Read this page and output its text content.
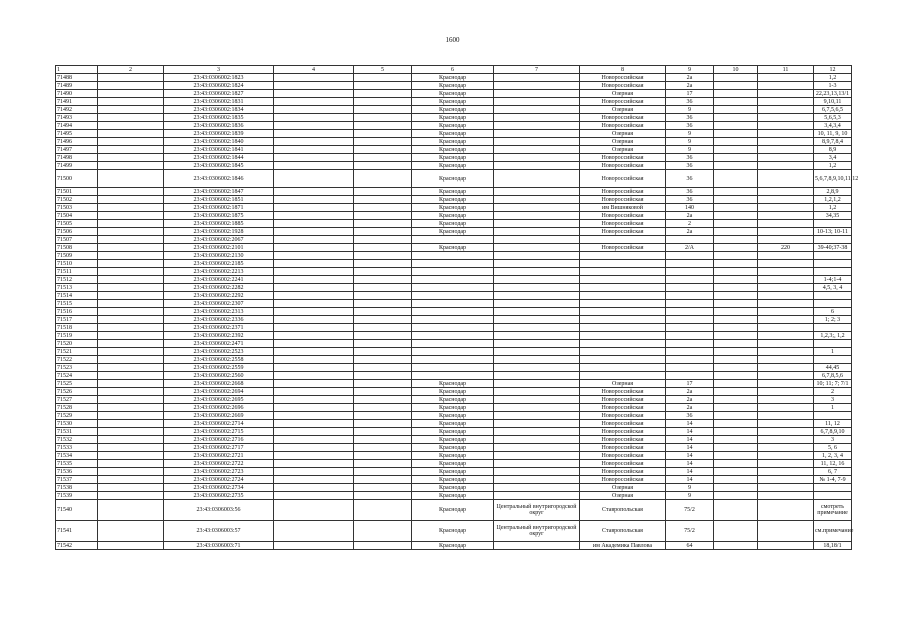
1600
1	2	3	4	5	6	7	8	9	10	11	12
71488		23:43:0306002:1823			Краснодар		Новороссийская	2а			1,2
71489		23:43:0306002:1824			Краснодар		Новороссийская	2а			1-3
71490		23:43:0306002:1827			Краснодар		Озерная	17			22,23,13,13/1
71491		23:43:0306002:1831			Краснодар		Новороссийская	36			9,10,11
71492		23:43:0306002:1834			Краснодар		Озерная	9			6,7,5,6,5
71493		23:43:0306002:1835			Краснодар		Новороссийская	36			5,6,5,3
71494		23:43:0306002:1836			Краснодар		Новороссийская	36			3,4,3,4
71495		23:43:0306002:1839			Краснодар		Озерная	9			10, 11, 9, 10
71496		23:43:0306002:1840			Краснодар		Озерная	9			8,9,7,8,4
71497		23:43:0306002:1841			Краснодар		Озерная	9			8,9
71498		23:43:0306002:1844			Краснодар		Новороссийская	36			3,4
71499		23:43:0306002:1845			Краснодар		Новороссийская	36			1,2
71500		23:43:0306002:1846			Краснодар		Новороссийская	36			5,6,7,8,9,10,11,12
71501		23:43:0306002:1847			Краснодар		Новороссийская	36			2,8,9
71502		23:43:0306002:1851			Краснодар		Новороссийская	36			1,2,1,2
71503		23:43:0306002:1871			Краснодар		им Вишняковой	140			1,2
71504		23:43:0306002:1875			Краснодар		Новороссийская	2а			34,35
71505		23:43:0306002:1885			Краснодар		Новороссийская	2			
71506		23:43:0306002:1928			Краснодар		Новороссийская	2а			10-13; 10-11
71507		23:43:0306002:2067									
71508		23:43:0306002:2101			Краснодар		Новороссийская	2/А		220	39-40;37-38
71509		23:43:0306002:2130									
71510		23:43:0306002:2185									
71511		23:43:0306002:2213									
71512		23:43:0306002:2241									1-4;1-4
71513		23:43:0306002:2282									4,5, 3, 4
71514		23:43:0306002:2292									
71515		23:43:0306002:2307									
71516		23:43:0306002:2313									6
71517		23:43:0306002:2336									1; 2; 3
71518		23:43:0306002:2371									
71519		23:43:0306002:2392									1,2,3;, 1,2
71520		23:43:0306002:2471									
71521		23:43:0306002:2523									1
71522		23:43:0306002:2558									
71523		23:43:0306002:2559									44,45
71524		23:43:0306002:2560									6,7,8,5,6
71525		23:43:0306002:2668			Краснодар		Озерная	17			10; 11; 7; 7/1
71526		23:43:0306002:2694			Краснодар		Новороссийская	2а			2
71527		23:43:0306002:2695			Краснодар		Новороссийская	2а			3
71528		23:43:0306002:2696			Краснодар		Новороссийская	2а			1
71529		23:43:0306002:2669			Краснодар		Новороссийская	36			
71530		23:43:0306002:2714			Краснодар		Новороссийская	14			11, 12
71531		23:43:0306002:2715			Краснодар		Новороссийская	14			6,7,8,9,10
71532		23:43:0306002:2716			Краснодар		Новороссийская	14			3
71533		23:43:0306002:2717			Краснодар		Новороссийская	14			5, 6
71534		23:43:0306002:2721			Краснодар		Новороссийская	14			1, 2, 3, 4
71535		23:43:0306002:2722			Краснодар		Новороссийская	14			11, 12, 16
71536		23:43:0306002:2723			Краснодар		Новороссийская	14			6, 7
71537		23:43:0306002:2724			Краснодар		Новороссийская	14			№ 1-4, 7-9
71538		23:43:0306002:2734			Краснодар		Озерная	9			
71539		23:43:0306002:2735			Краснодар		Озерная	9			
71540		23:43:0306003:56			Краснодар	Центральный внутригородской округ	Ставропольская	75/2			смотреть примечание
71541		23:43:0306003:57			Краснодар	Центральный внутригородской округ	Ставропольская	75/2			см.примечание
71542		23:43:0306003:71			Краснодар		им Академика Павлова	64			18,18/1
